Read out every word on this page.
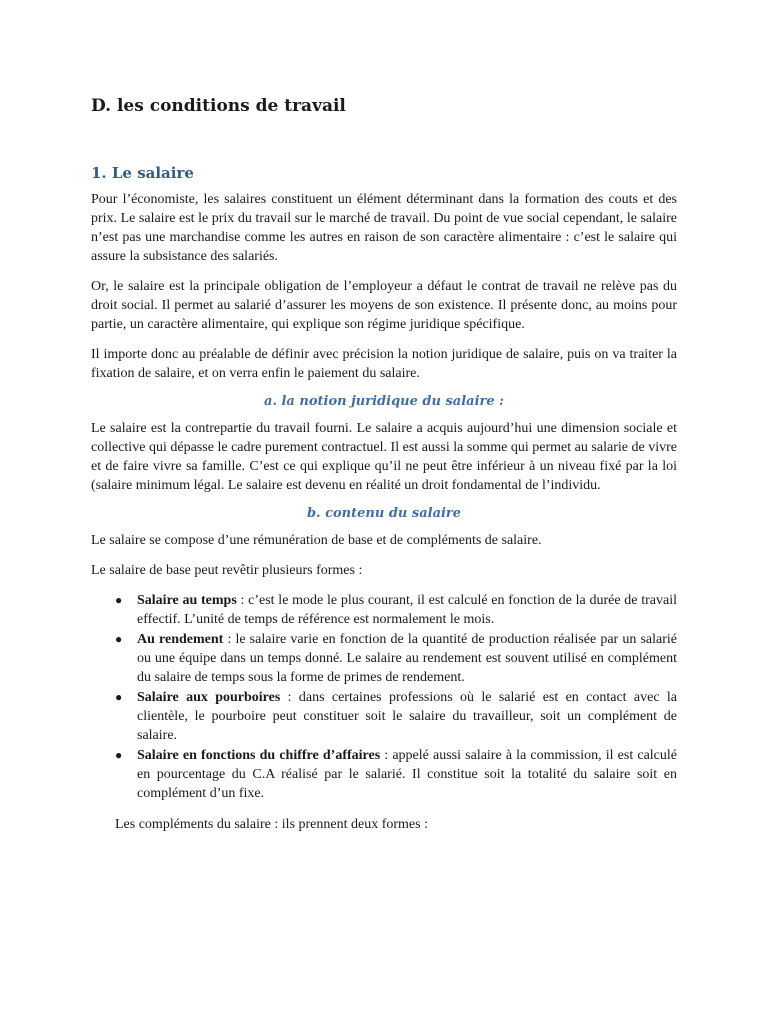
D. les conditions de travail
1. Le salaire

Pour l’économiste, les salaires constituent un élément déterminant dans la formation des couts et des prix. Le salaire est le prix du travail sur le marché de travail. Du point de vue social cependant, le salaire n’est pas une marchandise comme les autres en raison de son caractère alimentaire : c’est le salaire qui assure la subsistance des salariés.

Or, le salaire est la principale obligation de l’employeur a défaut le contrat de travail ne relève pas du droit social. Il permet au salarié d’assurer les moyens de son existence. Il présente donc, au moins pour partie, un caractère alimentaire, qui explique son régime juridique spécifique.

Il importe donc au préalable de définir avec précision la notion juridique de salaire, puis on va traiter la fixation de salaire, et on verra enfin le paiement du salaire.

a. la notion juridique du salaire :

Le salaire est la contrepartie du travail fourni. Le salaire a acquis aujourd’hui une dimension sociale et collective qui dépasse le cadre purement contractuel. Il est aussi la somme qui permet au salarie de vivre et de faire vivre sa famille. C’est ce qui explique qu’il ne peut être inférieur à un niveau fixé par la loi (salaire minimum légal. Le salaire est devenu en réalité un droit fondamental de l’individu.

b. contenu du salaire

Le salaire se compose d’une rémunération de base et de compléments de salaire.

Le salaire de base peut revêtir plusieurs formes :

● Salaire au temps : c’est le mode le plus courant, il est calculé en fonction de la durée de travail effectif. L’unité de temps de référence est normalement le mois.
● Au rendement : le salaire varie en fonction de la quantité de production réalisée par un salarié ou une équipe dans un temps donné. Le salaire au rendement est souvent utilisé en complément du salaire de temps sous la forme de primes de rendement.
● Salaire aux pourboires : dans certaines professions où le salarié est en contact avec la clientèle, le pourboire peut constituer soit le salaire du travailleur, soit un complément de salaire.
● Salaire en fonctions du chiffre d’affaires : appelé aussi salaire à la commission, il est calculé en pourcentage du C.A réalisé par le salarié. Il constitue soit la totalité du salaire soit en complément d’un fixe.

Les compléments du salaire : ils prennent deux formes :
